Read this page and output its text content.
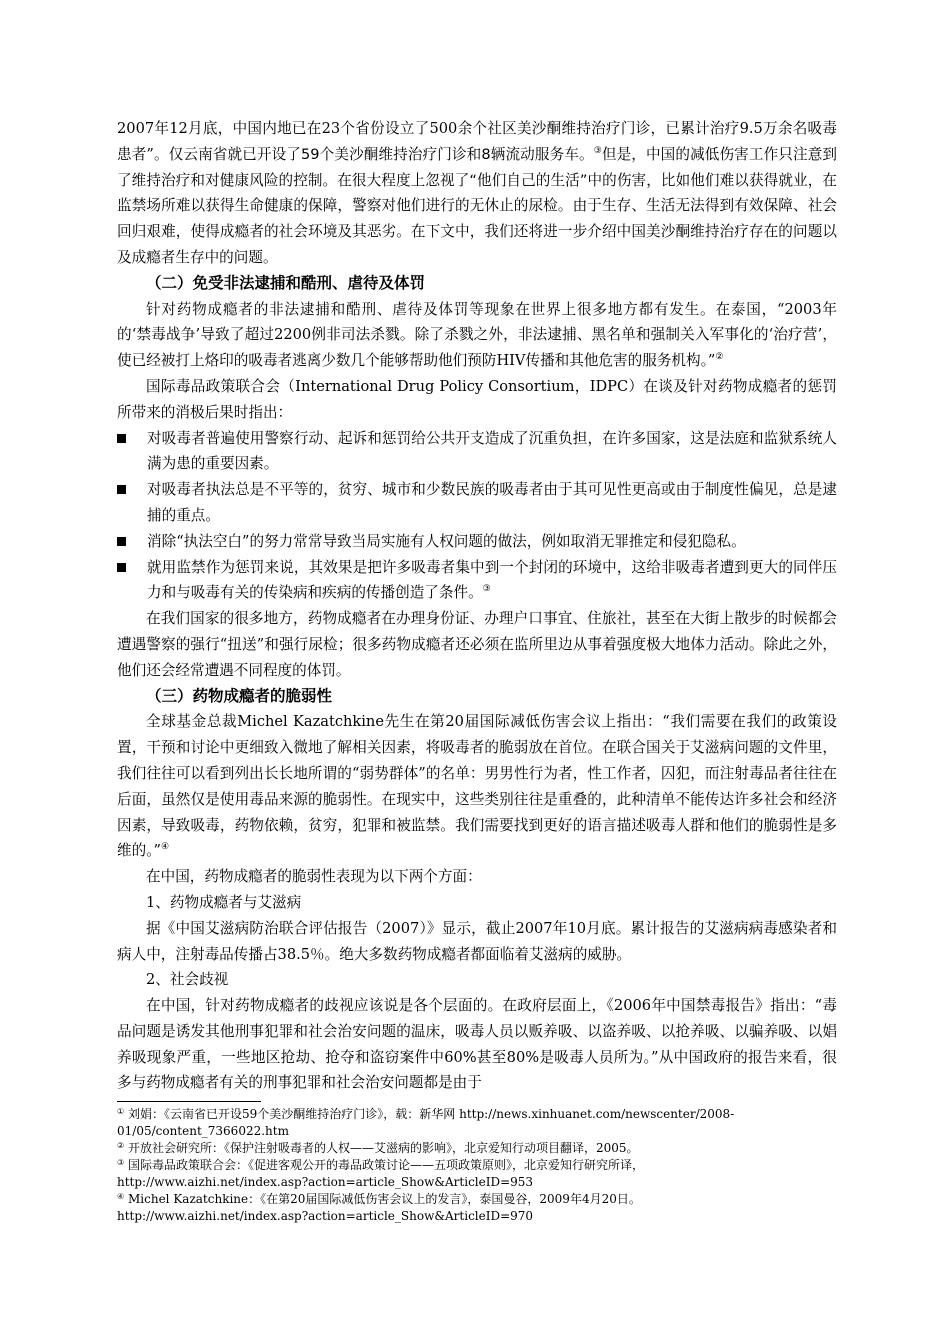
2007年12月底，中国内地已在23个省份设立了500余个社区美沙酮维持治疗门诊，已累计治疗9.5万余名吸毒患者”。仅云南省就已开设了59个美沙酮维持治疗门诊和8辆流动服务车。③但是，中国的减低伤害工作只注意到了维持治疗和对健康风险的控制。在很大程度上忽视了“他们自己的生活”中的伤害，比如他们难以获得就业，在监禁场所难以获得生命健康的保障，警察对他们进行的无休止的尿检。由于生存、生活无法得到有效保障、社会回归艰难，使得成瘾者的社会环境及其恶劣。在下文中，我们还将进一步介绍中国美沙酮维持治疗存在的问题以及成瘾者生存中的问题。

（二）免受非法逮捕和酷刑、虐待及体罚

针对药物成瘾者的非法逮捕和酷刑、虐待及体罚等现象在世界上很多地方都有发生。在泰国，“2003年的‘禁毒战争’导致了超过2200例非司法杀戮。除了杀戮之外，非法逮捕、黑名单和强制关入军事化的‘治疗营’，使已经被打上烙印的吸毒者逃离少数几个能够帮助他们预防HIV传播和其他危害的服务机构。”②

国际毒品政策联合会（International Drug Policy Consortium，IDPC）在谈及针对药物成瘾者的惩罚所带来的消极后果时指出：

对吸毒者普遍使用警察行动、起诉和惩罚给公共开支造成了沉重负担，在许多国家，这是法庭和监狱系统人满为患的重要因素。
对吸毒者执法总是不平等的，贫穷、城市和少数民族的吸毒者由于其可见性更高或由于制度性偏见，总是逮捕的重点。
消除“执法空白”的努力常常导致当局实施有人权问题的做法，例如取消无罪推定和侵犯隐私。
就用监禁作为惩罚来说，其效果是把许多吸毒者集中到一个封闭的环境中，这给非吸毒者遭到更大的同伴压力和与吸毒有关的传染病和疾病的传播创造了条件。③

在我们国家的很多地方，药物成瘾者在办理身份证、办理户口事宜、住旅社，甚至在大街上散步的时候都会遭遇警察的强行“扭送”和强行尿检；很多药物成瘾者还必须在监所里边从事着强度极大地体力活动。除此之外，他们还会经常遭遇不同程度的体罚。

（三）药物成瘾者的脆弱性

全球基金总裁Michel Kazatchkine先生在第20届国际减低伤害会议上指出：“我们需要在我们的政策设置，干预和讨论中更细致入微地了解相关因素，将吸毒者的脆弱放在首位。在联合国关于艾滋病问题的文件里，我们往往可以看到列出长长地所谓的“弱势群体”的名单：男男性行为者，性工作者，囚犯，而注射毒品者往往在后面，虽然仅是使用毒品来源的脆弱性。在现实中，这些类别往往是重叠的，此种清单不能传达许多社会和经济因素，导致吸毒，药物依赖，贫穷，犯罪和被监禁。我们需要找到更好的语言描述吸毒人群和他们的脆弱性是多维的。”④

在中国，药物成瘾者的脆弱性表现为以下两个方面：

1、药物成瘾者与艾滋病

据《中国艾滋病防治联合评估报告（2007）》显示，截止2007年10月底。累计报告的艾滋病病毒感染者和病人中，注射毒品传播占38.5％。绝大多数药物成瘾者都面临着艾滋病的威胁。

2、社会歧视

在中国，针对药物成瘾者的歧视应该说是各个层面的。在政府层面上，《2006年中国禁毒报告》指出：“毒品问题是诱发其他刑事犯罪和社会治安问题的温床，吸毒人员以贩养吸、以盗养吸、以抢养吸、以骗养吸、以娼养吸现象严重，一些地区抢劫、抢夺和盗窃案件中60%甚至80%是吸毒人员所为。”从中国政府的报告来看，很多与药物成瘾者有关的刑事犯罪和社会治安问题都是由于

① 刘娟：《云南省已开设59个美沙酮维持治疗门诊》，载：新华网 http://news.xinhuanet.com/newscenter/2008-
01/05/content_7366022.htm
② 开放社会研究所：《保护注射吸毒者的人权——艾滋病的影响》，北京爱知行动项目翻译，2005。
③ 国际毒品政策联合会：《促进客观公开的毒品政策讨论——五项政策原则》，北京爱知行研究所译，
http://www.aizhi.net/index.asp?action=article_Show&ArticleID=953
④ Michel Kazatchkine：《在第20届国际减低伤害会议上的发言》，泰国曼谷，2009年4月20日。
http://www.aizhi.net/index.asp?action=article_Show&ArticleID=970
